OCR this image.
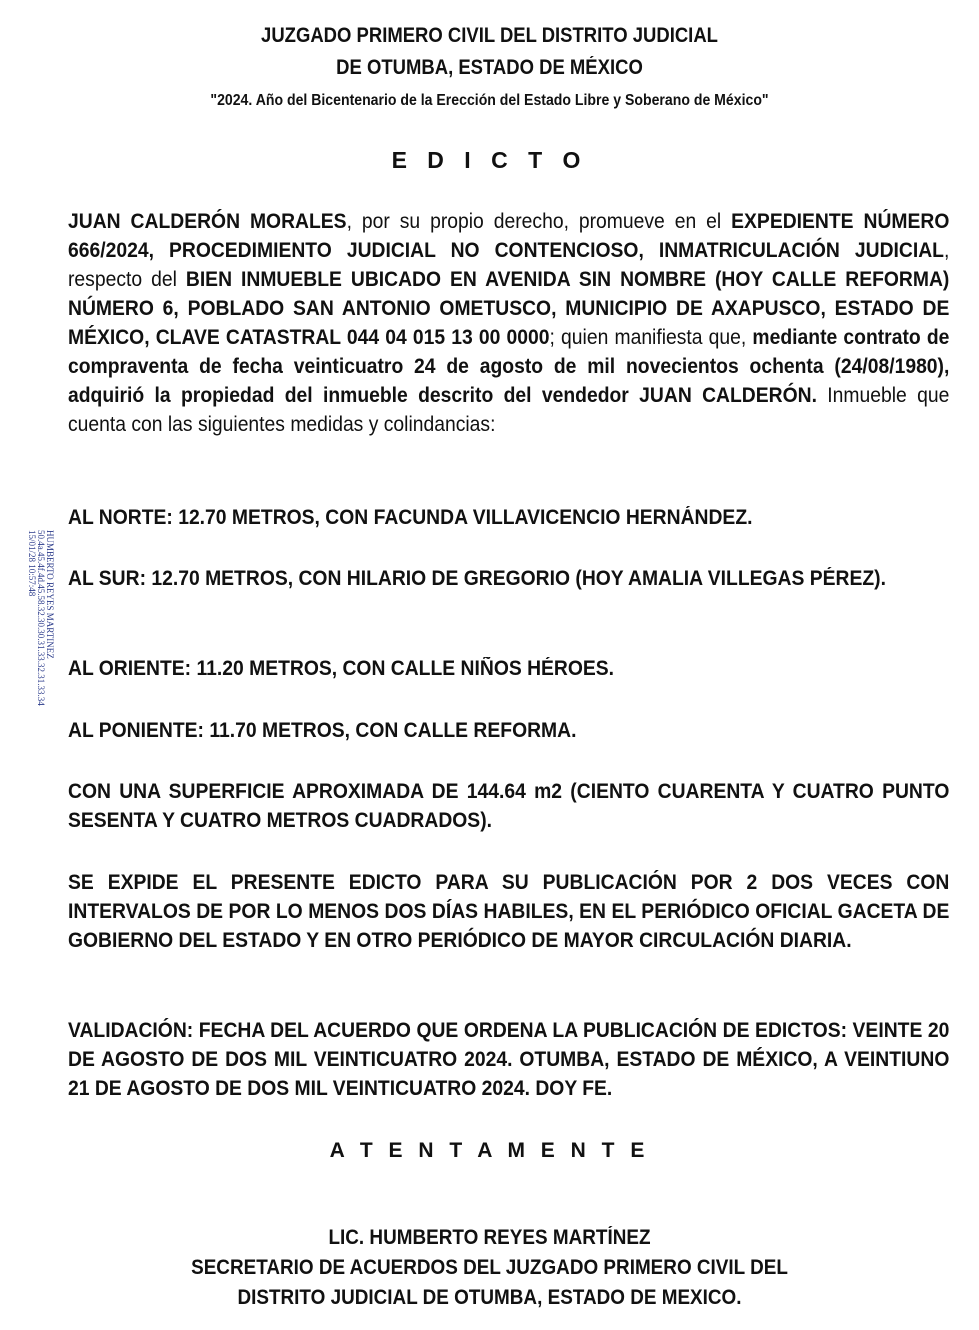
JUZGADO PRIMERO CIVIL DEL DISTRITO JUDICIAL
DE OTUMBA, ESTADO DE MÉXICO
"2024. Año del Bicentenario de la Erección del Estado Libre y Soberano de México"
E D I C T O
JUAN CALDERÓN MORALES, por su propio derecho, promueve en el EXPEDIENTE NÚMERO 666/2024, PROCEDIMIENTO JUDICIAL NO CONTENCIOSO, INMATRICULACIÓN JUDICIAL, respecto del BIEN INMUEBLE UBICADO EN AVENIDA SIN NOMBRE (HOY CALLE REFORMA) NÚMERO 6, POBLADO SAN ANTONIO OMETUSCO, MUNICIPIO DE AXAPUSCO, ESTADO DE MÉXICO, CLAVE CATASTRAL 044 04 015 13 00 0000; quien manifiesta que, mediante contrato de compraventa de fecha veinticuatro 24 de agosto de mil novecientos ochenta (24/08/1980), adquirió la propiedad del inmueble descrito del vendedor JUAN CALDERÓN. Inmueble que cuenta con las siguientes medidas y colindancias:
AL NORTE: 12.70 METROS, CON FACUNDA VILLAVICENCIO HERNÁNDEZ.
AL SUR: 12.70 METROS, CON HILARIO DE GREGORIO (HOY AMALIA VILLEGAS PÉREZ).
AL ORIENTE: 11.20 METROS, CON CALLE NIÑOS HÉROES.
AL PONIENTE: 11.70 METROS, CON CALLE REFORMA.
CON UNA SUPERFICIE APROXIMADA DE 144.64 m2 (CIENTO CUARENTA Y CUATRO PUNTO SESENTA Y CUATRO METROS CUADRADOS).
SE EXPIDE EL PRESENTE EDICTO PARA SU PUBLICACIÓN POR 2 DOS VECES CON INTERVALOS DE POR LO MENOS DOS DÍAS HABILES, EN EL PERIÓDICO OFICIAL GACETA DE GOBIERNO DEL ESTADO Y EN OTRO PERIÓDICO DE MAYOR CIRCULACIÓN DIARIA.
VALIDACIÓN: FECHA DEL ACUERDO QUE ORDENA LA PUBLICACIÓN DE EDICTOS: VEINTE 20 DE AGOSTO DE DOS MIL VEINTICUATRO 2024. OTUMBA, ESTADO DE MÉXICO, A VEINTIUNO 21 DE AGOSTO DE DOS MIL VEINTICUATRO 2024. DOY FE.
A T E N T A M E N T E
LIC. HUMBERTO REYES MARTÍNEZ
SECRETARIO DE ACUERDOS DEL JUZGADO PRIMERO CIVIL DEL
DISTRITO JUDICIAL DE OTUMBA, ESTADO DE MEXICO.
HUMBERTO REYES MARTINEZ
50.4a.45.4f.4d.45.58.32.30.30.31.33.32.31.33.34
15/01/28 10:57:48
